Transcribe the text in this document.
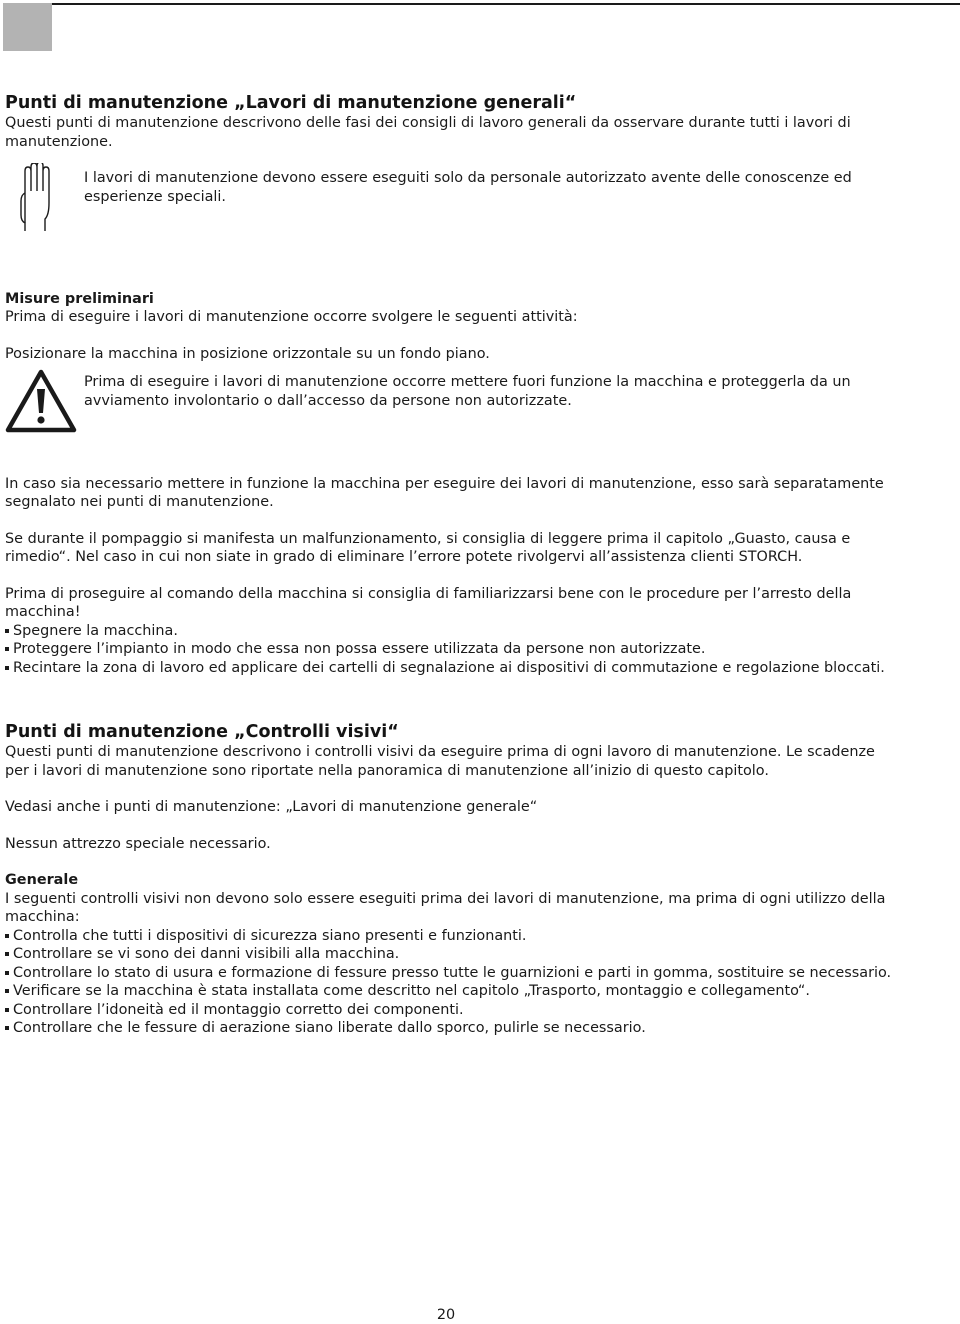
Punti di manutenzione „Lavori di manutenzione generali“

Questi punti di manutenzione descrivono delle fasi dei consigli di lavoro generali da osservare durante tutti i lavori di manutenzione.

I lavori di manutenzione devono essere eseguiti solo da personale autorizzato avente delle conoscenze ed esperienze speciali.

Misure preliminari

Prima di eseguire i lavori di manutenzione occorre svolgere le seguenti attività:

Posizionare la macchina in posizione orizzontale su un fondo piano.

Prima di eseguire i lavori di manutenzione occorre mettere fuori funzione la macchina e proteggerla da un avviamento involontario o dall’accesso da persone non autorizzate.

In caso sia necessario mettere in funzione la macchina per eseguire dei lavori di manutenzione, esso sarà separatamente segnalato nei punti di manutenzione.

Se durante il pompaggio si manifesta un malfunzionamento, si consiglia di leggere prima il capitolo „Guasto, causa e rimedio“. Nel caso in cui non siate in grado di eliminare l’errore potete rivolgervi all’assistenza clienti STORCH.

Prima di proseguire al comando della macchina si consiglia di familiarizzarsi bene con le procedure per l’arresto della macchina!

Spegnere la macchina.
Proteggere l’impianto in modo che essa non possa essere utilizzata da persone non autorizzate.
Recintare la zona di lavoro ed applicare dei cartelli di segnalazione ai dispositivi di commutazione e regolazione bloccati.

Punti di manutenzione „Controlli visivi“

Questi punti di manutenzione descrivono i controlli visivi da eseguire prima di ogni lavoro di manutenzione. Le scadenze per i lavori di manutenzione sono riportate nella panoramica di manutenzione all’inizio di questo capitolo.

Vedasi anche i punti di manutenzione: „Lavori di manutenzione generale“

Nessun attrezzo speciale necessario.

Generale

I seguenti controlli visivi non devono solo essere eseguiti prima dei lavori di manutenzione, ma prima di ogni utilizzo della macchina:

Controlla che tutti i dispositivi di sicurezza siano presenti e funzionanti.
Controllare se vi sono dei danni visibili alla macchina.
Controllare lo stato di usura e formazione di fessure presso tutte le guarnizioni e parti in gomma, sostituire se necessario.
Verificare se la macchina è stata installata come descritto nel capitolo „Trasporto, montaggio e collegamento“.
Controllare l’idoneità ed il montaggio corretto dei componenti.
Controllare che le fessure di aerazione siano liberate dallo sporco, pulirle se necessario.
20
